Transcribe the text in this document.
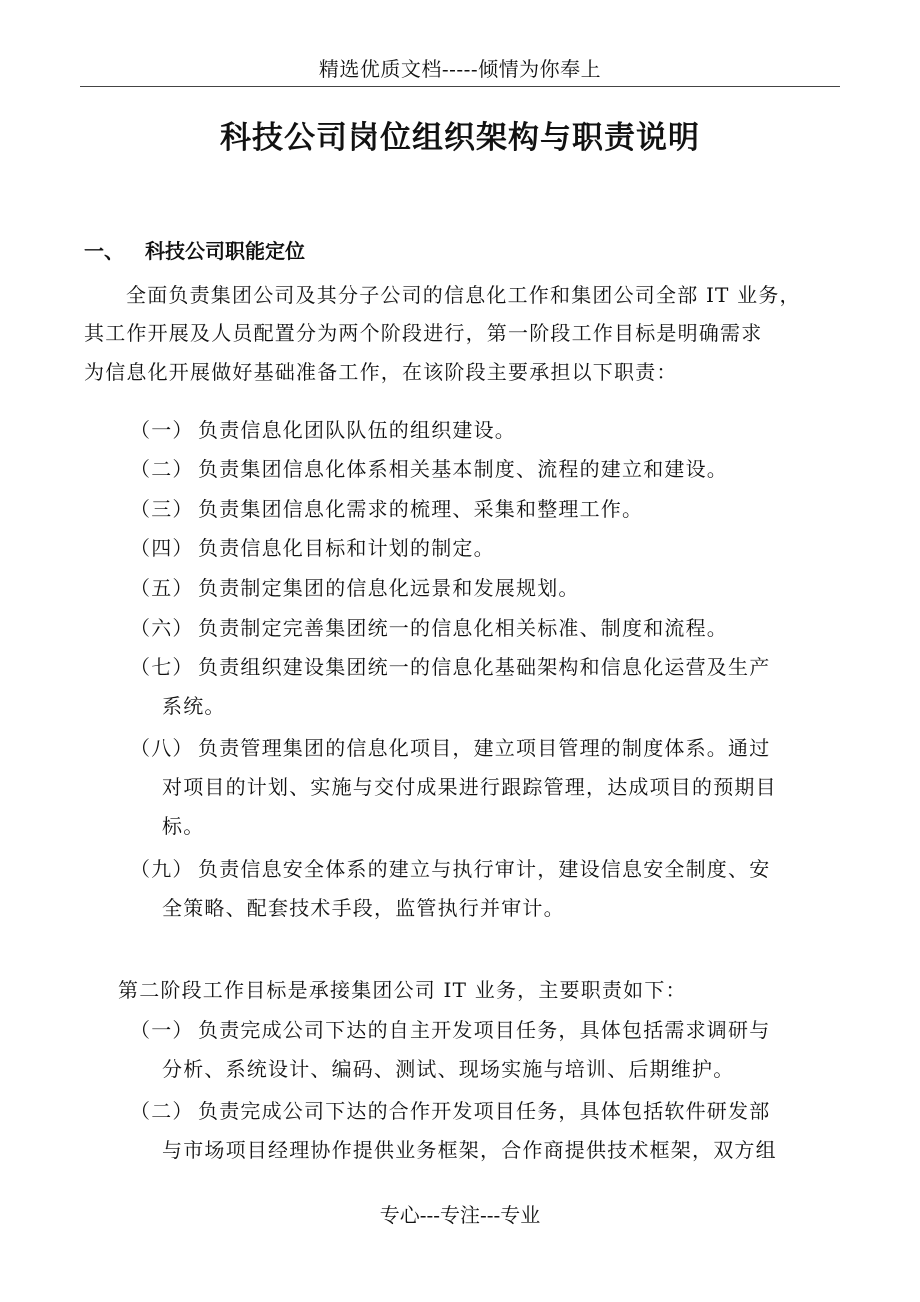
精选优质文档-----倾情为你奉上
科技公司岗位组织架构与职责说明
一、 科技公司职能定位
全面负责集团公司及其分子公司的信息化工作和集团公司全部 IT 业务，
其工作开展及人员配置分为两个阶段进行，第一阶段工作目标是明确需求
为信息化开展做好基础准备工作，在该阶段主要承担以下职责：
（一） 负责信息化团队队伍的组织建设。
（二） 负责集团信息化体系相关基本制度、流程的建立和建设。
（三） 负责集团信息化需求的梳理、采集和整理工作。
（四） 负责信息化目标和计划的制定。
（五） 负责制定集团的信息化远景和发展规划。
（六） 负责制定完善集团统一的信息化相关标准、制度和流程。
（七） 负责组织建设集团统一的信息化基础架构和信息化运营及生产
系统。
（八） 负责管理集团的信息化项目，建立项目管理的制度体系。通过
对项目的计划、实施与交付成果进行跟踪管理，达成项目的预期目
标。
（九） 负责信息安全体系的建立与执行审计，建设信息安全制度、安
全策略、配套技术手段，监管执行并审计。
第二阶段工作目标是承接集团公司 IT 业务，主要职责如下：
（一） 负责完成公司下达的自主开发项目任务，具体包括需求调研与
分析、系统设计、编码、测试、现场实施与培训、后期维护。
（二） 负责完成公司下达的合作开发项目任务，具体包括软件研发部
与市场项目经理协作提供业务框架，合作商提供技术框架，双方组
专心---专注---专业
